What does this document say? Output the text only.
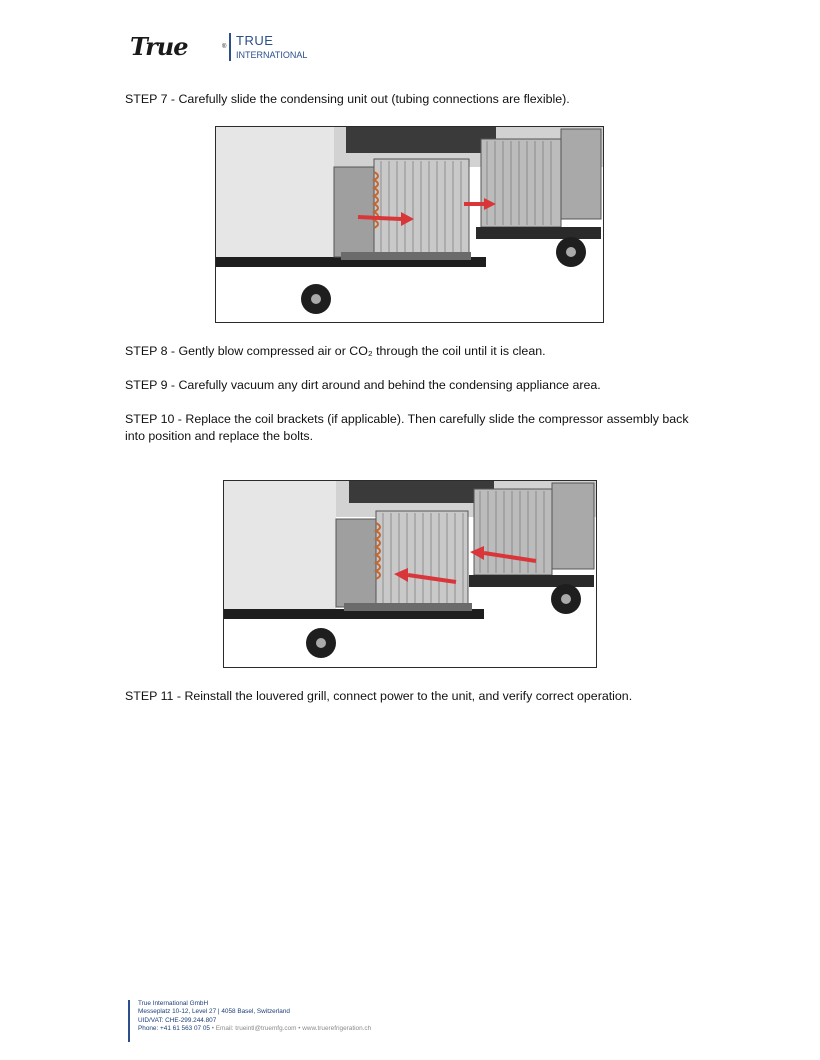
True	® TRUE
INTERNATIONAL
STEP 7 - Carefully slide the condensing unit out (tubing connections are flexible).
STEP 8 - Gently blow compressed air or CO₂ through the coil until it is clean.
STEP 9 - Carefully vacuum any dirt around and behind the condensing appliance area.
STEP 10 - Replace the coil brackets (if applicable). Then carefully slide the compressor assembly back into position and replace the bolts.
STEP 11 - Reinstall the louvered grill, connect power to the unit, and verify correct operation.
True International GmbH
Messeplatz 10-12, Level 27 | 4058 Basel, Switzerland
UID/VAT: CHE-299.244.807
Phone: +41 61 563 07 05 • Email: trueintl@truemfg.com • www.truerefrigeration.ch
